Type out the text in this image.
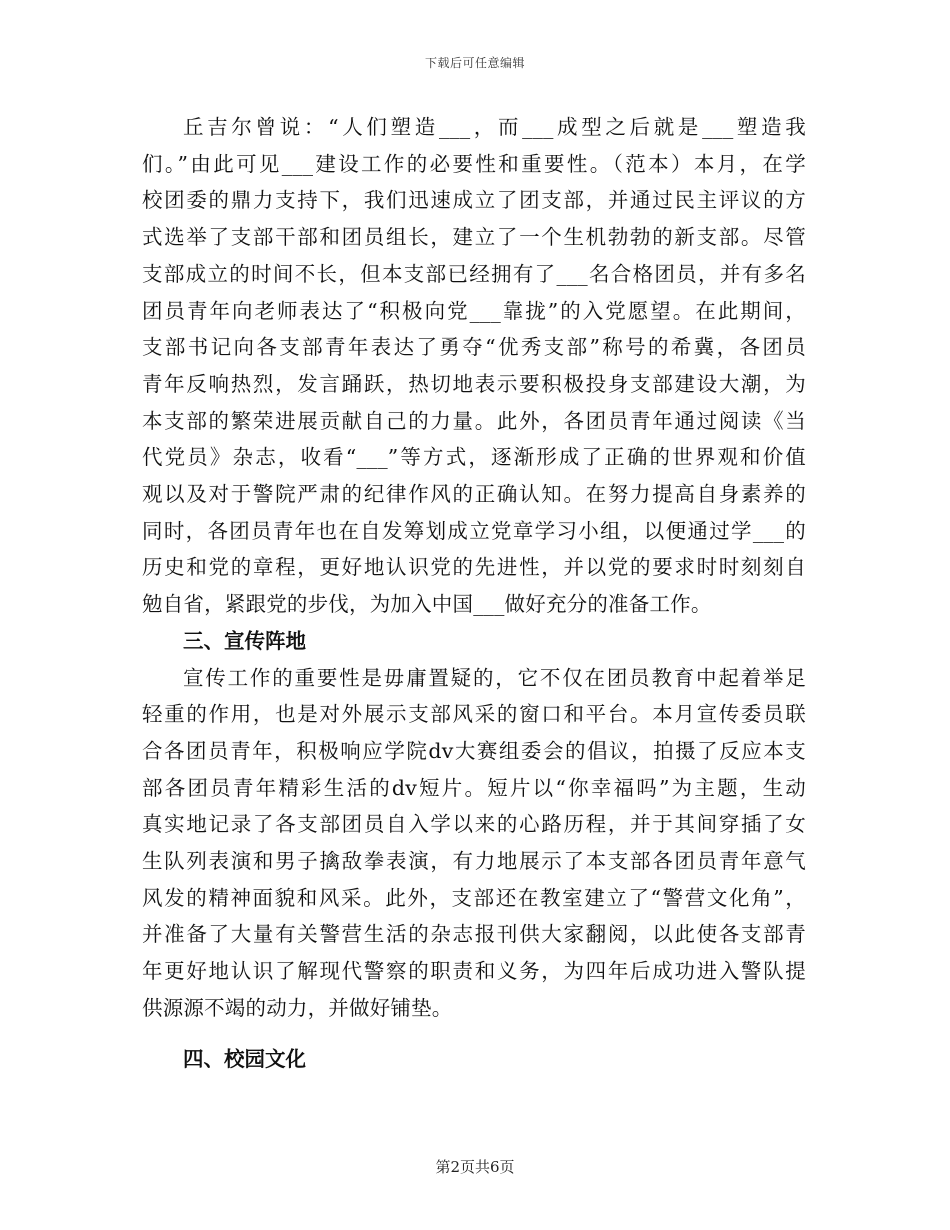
下载后可任意编辑
丘吉尔曾说：“人们塑造___，而___成型之后就是___塑造我
们。”由此可见___建设工作的必要性和重要性。（范本）本月，在学
校团委的鼎力支持下，我们迅速成立了团支部，并通过民主评议的方
式选举了支部干部和团员组长，建立了一个生机勃勃的新支部。尽管
支部成立的时间不长，但本支部已经拥有了___名合格团员，并有多名
团员青年向老师表达了“积极向党___靠拢”的入党愿望。在此期间，
支部书记向各支部青年表达了勇夺“优秀支部”称号的希冀，各团员
青年反响热烈，发言踊跃，热切地表示要积极投身支部建设大潮，为
本支部的繁荣进展贡献自己的力量。此外，各团员青年通过阅读《当
代党员》杂志，收看“___”等方式，逐渐形成了正确的世界观和价值
观以及对于警院严肃的纪律作风的正确认知。在努力提高自身素养的
同时，各团员青年也在自发筹划成立党章学习小组，以便通过学___的
历史和党的章程，更好地认识党的先进性，并以党的要求时时刻刻自
勉自省，紧跟党的步伐，为加入中国___做好充分的准备工作。
三、宣传阵地
宣传工作的重要性是毋庸置疑的，它不仅在团员教育中起着举足
轻重的作用，也是对外展示支部风采的窗口和平台。本月宣传委员联
合各团员青年，积极响应学院dv大赛组委会的倡议，拍摄了反应本支
部各团员青年精彩生活的dv短片。短片以“你幸福吗”为主题，生动
真实地记录了各支部团员自入学以来的心路历程，并于其间穿插了女
生队列表演和男子擒敌拳表演，有力地展示了本支部各团员青年意气
风发的精神面貌和风采。此外，支部还在教室建立了“警营文化角”，
并准备了大量有关警营生活的杂志报刊供大家翻阅，以此使各支部青
年更好地认识了解现代警察的职责和义务，为四年后成功进入警队提
供源源不竭的动力，并做好铺垫。
四、校园文化
第2页共6页
